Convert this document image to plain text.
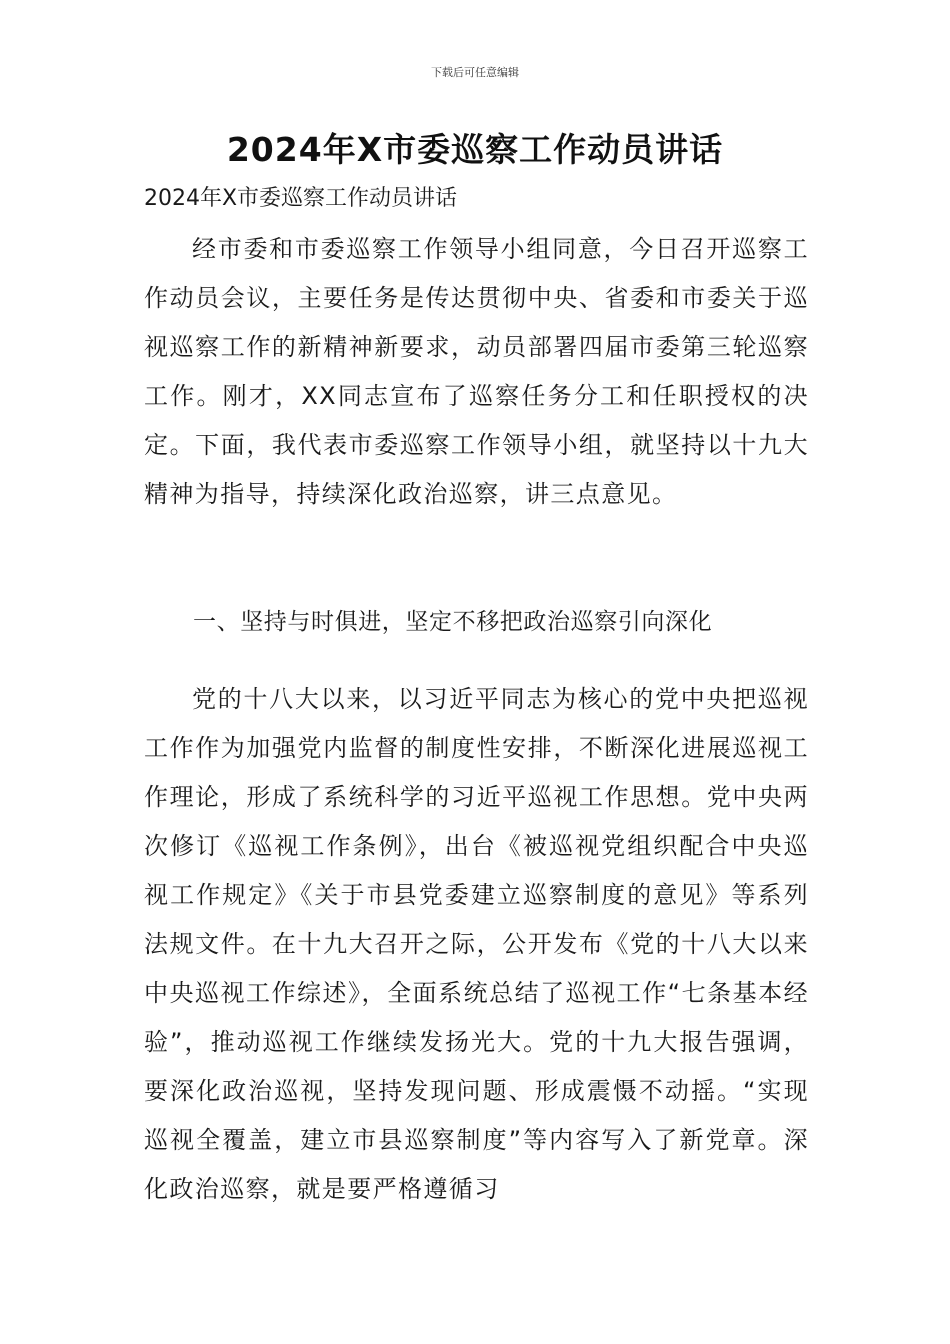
下载后可任意编辑
2024年X市委巡察工作动员讲话
2024年X市委巡察工作动员讲话

经市委和市委巡察工作领导小组同意，今日召开巡察工作动员会议，主要任务是传达贯彻中央、省委和市委关于巡视巡察工作的新精神新要求，动员部署四届市委第三轮巡察工作。刚才，XX同志宣布了巡察任务分工和任职授权的决定。下面，我代表市委巡察工作领导小组，就坚持以十九大精神为指导，持续深化政治巡察，讲三点意见。

一、坚持与时俱进，坚定不移把政治巡察引向深化

党的十八大以来，以习近平同志为核心的党中央把巡视工作作为加强党内监督的制度性安排，不断深化进展巡视工作理论，形成了系统科学的习近平巡视工作思想。党中央两次修订《巡视工作条例》，出台《被巡视党组织配合中央巡视工作规定》《关于市县党委建立巡察制度的意见》等系列法规文件。在十九大召开之际，公开发布《党的十八大以来中央巡视工作综述》，全面系统总结了巡视工作“七条基本经验”，推动巡视工作继续发扬光大。党的十九大报告强调，要深化政治巡视，坚持发现问题、形成震慑不动摇。“实现巡视全覆盖，建立市县巡察制度”等内容写入了新党章。深化政治巡察，就是要严格遵循习
